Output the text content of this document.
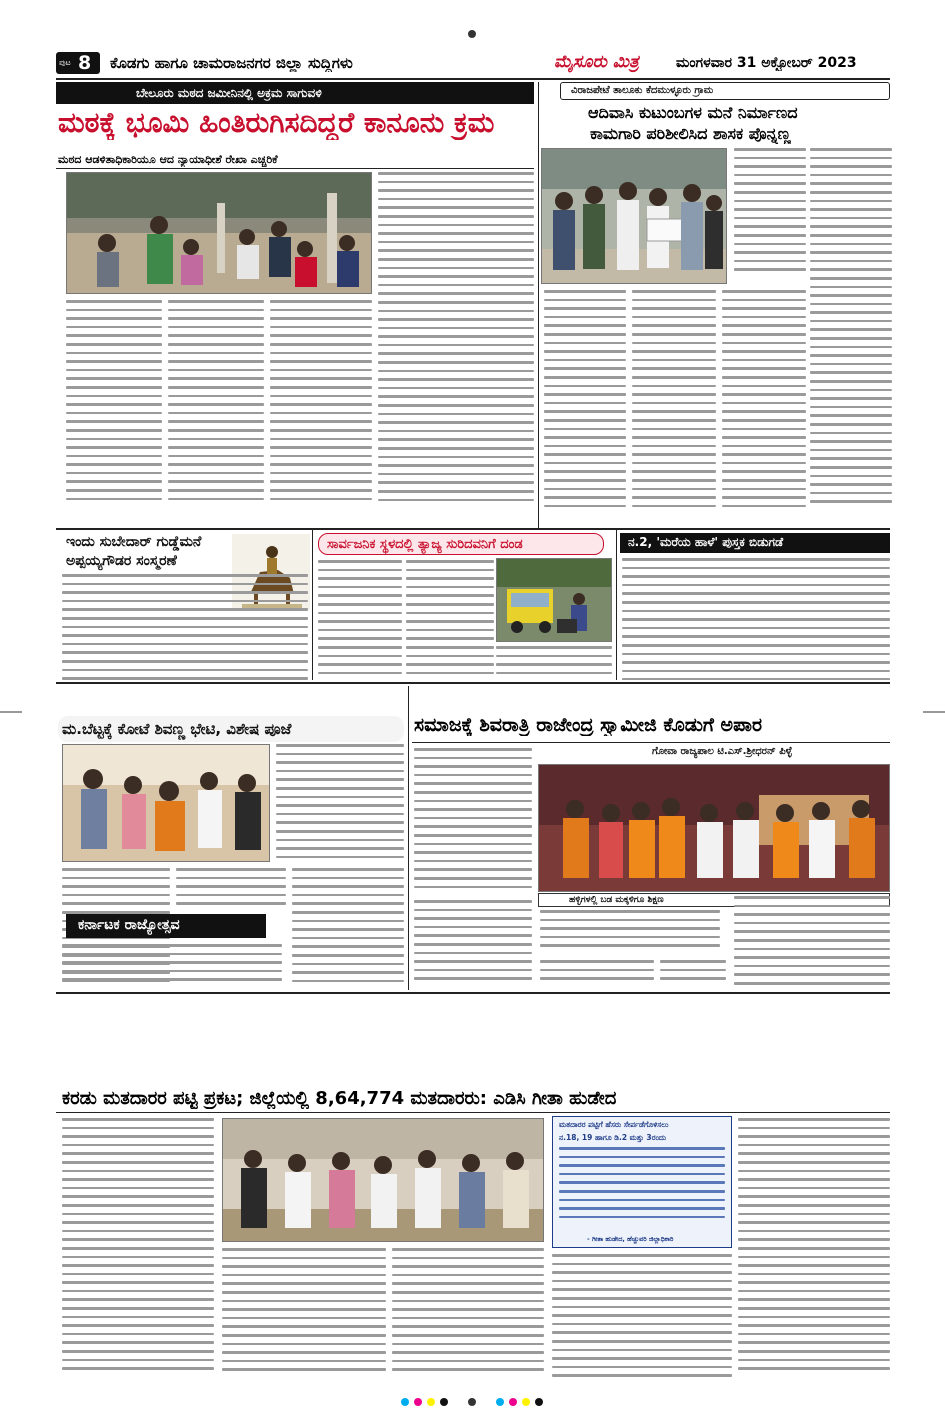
ಪುಟ 8 ಕೊಡಗು ಹಾಗೂ ಚಾಮರಾಜನಗರ ಜಿಲ್ಲಾ ಸುದ್ದಿಗಳು	ಮೈಸೂರು ಮಿತ್ರ	ಮಂಗಳವಾರ 31 ಅಕ್ಟೋಬರ್ 2023
ಬೇಲೂರು ಮಠದ ಜಮೀನಿನಲ್ಲಿ ಅಕ್ರಮ ಸಾಗುವಳಿ
ಮಠಕ್ಕೆ ಭೂಮಿ ಹಿಂತಿರುಗಿಸದಿದ್ದರೆ ಕಾನೂನು ಕ್ರಮ
ಮಠದ ಆಡಳಿತಾಧಿಕಾರಿಯೂ ಆದ ನ್ಯಾಯಾಧೀಶೆ ರೇಖಾ ಎಚ್ಚರಿಕೆ
ವಿರಾಜಪೇಟೆ ತಾಲೂಕು ಕೆದಮುಳ್ಳೂರು ಗ್ರಾಮ
ಆದಿವಾಸಿ ಕುಟುಂಬಗಳ ಮನೆ ನಿರ್ಮಾಣದ
ಕಾಮಗಾರಿ ಪರಿಶೀಲಿಸಿದ ಶಾಸಕ ಪೊನ್ನಣ್ಣ
ಇಂದು ಸುಬೇದಾರ್ ಗುಡ್ಡೆಮನೆ
ಅಪ್ಪಯ್ಯಗೌಡರ ಸಂಸ್ಮರಣೆ
ಸಾರ್ವಜನಿಕ ಸ್ಥಳದಲ್ಲಿ ತ್ಯಾಜ್ಯ ಸುರಿದವನಿಗೆ ದಂಡ	ನ.2, 'ಮರೆಯ ಹಾಳೆ' ಪುಸ್ತಕ ಬಿಡುಗಡೆ
ಮ.ಬೆಟ್ಟಕ್ಕೆ ಕೋಟೆ ಶಿವಣ್ಣ ಭೇಟಿ, ವಿಶೇಷ ಪೂಜೆ
ಕರ್ನಾಟಕ ರಾಜ್ಯೋತ್ಸವ
ಸಮಾಜಕ್ಕೆ ಶಿವರಾತ್ರಿ ರಾಜೇಂದ್ರ ಸ್ವಾಮೀಜಿ ಕೊಡುಗೆ ಅಪಾರ
ಗೋವಾ ರಾಜ್ಯಪಾಲ ಟಿ.ಎಸ್.ಶ್ರೀಧರನ್ ಪಿಳ್ಳೆ
ಹಳ್ಳಿಗಳಲ್ಲಿ ಬಡ ಮಕ್ಕಳಿಗೂ ಶಿಕ್ಷಣ
ಕರಡು ಮತದಾರರ ಪಟ್ಟಿ ಪ್ರಕಟ; ಜಿಲ್ಲೆಯಲ್ಲಿ 8,64,774 ಮತದಾರರು: ಎಡಿಸಿ ಗೀತಾ ಹುಡೇದ
ಮತದಾರರ ಪಟ್ಟಿಗೆ ಹೆಸರು ಸೇರ್ಪಡೆಗೊಳಿಸಲು
ನ.18, 19 ಹಾಗೂ ಡಿ.2 ಮತ್ತು 3ರಂದು
- ಗೀತಾ ಹುಡೇದ, ಹೆಚ್ಚುವರಿ ಜಿಲ್ಲಾಧಿಕಾರಿ
